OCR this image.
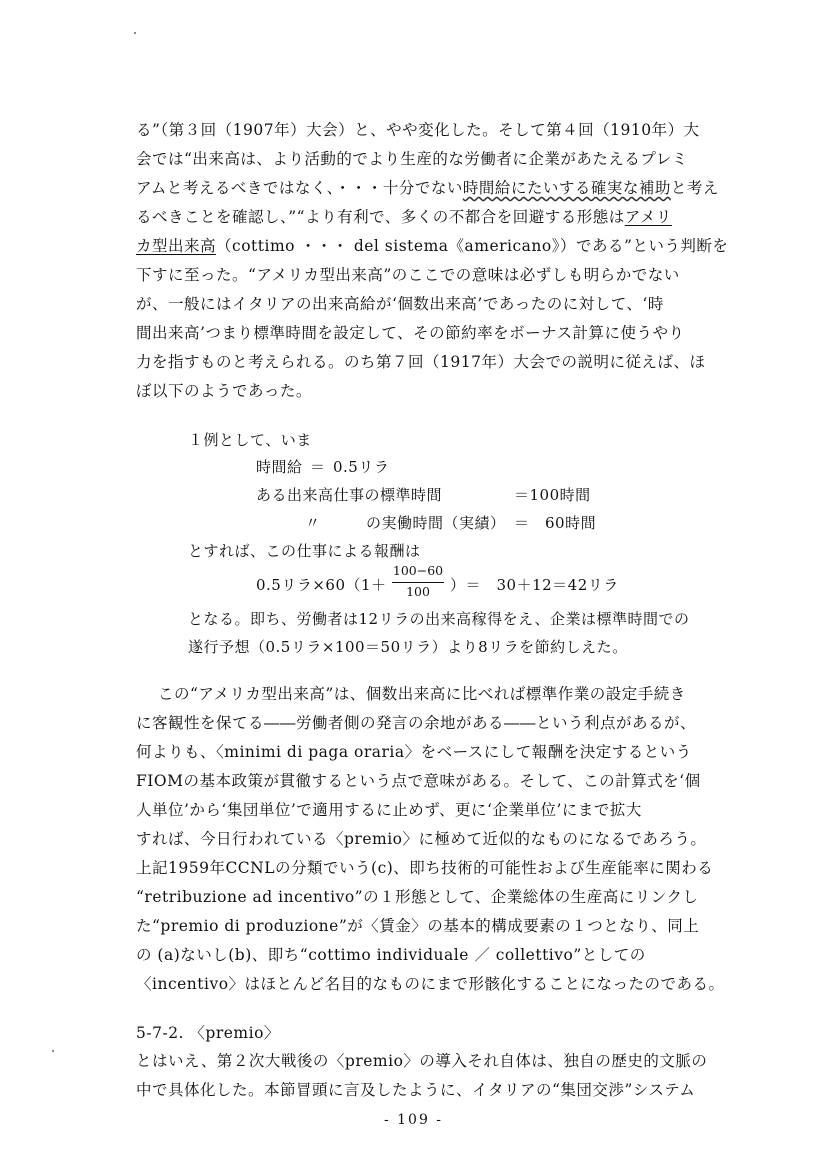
る”（第３回（1907年）大会）と、やや変化した。そして第４回（1910年）大
会では“出来高は、より活動的でより生産的な労働者に企業があたえるプレミ
アムと考えるべきではなく、・・・十分でない時間給にたいする確実な補助と考え
るべきことを確認し、”“より有利で、多くの不都合を回避する形態はアメリ
カ型出来高（cottimo ・・・ del sistema《americano》）である”という判断を
下すに至った。“アメリカ型出来高”のここでの意味は必ずしも明らかでない
が、一般にはイタリアの出来高給が‘個数出来高’であったのに対して、‘時
間出来高’つまり標準時間を設定して、その節約率をボーナス計算に使うやり
力を指すものと考えられる。のち第７回（1917年）大会での説明に従えば、ほ
ぼ以下のようであった。
１例として、いま
時間給 ＝ 0.5リラ
ある出来高仕事の標準時間	＝100時間
〃	の実働時間（実績） ＝　60時間
とすれば、この仕事による報酬は
0.5リラ×60（1＋
100−60
100	）＝　30＋12＝42リラ
となる。即ち、労働者は12リラの出来高稼得をえ、企業は標準時間での
遂行予想（0.5リラ×100＝50リラ）より8リラを節約しえた。
この“アメリカ型出来高”は、個数出来高に比べれば標準作業の設定手続き
に客観性を保てる――労働者側の発言の余地がある――という利点があるが、
何よりも、〈minimi di paga oraria〉をベースにして報酬を決定するという
FIOMの基本政策が貫徹するという点で意味がある。そして、この計算式を‘個
人単位’から‘集団単位’で適用するに止めず、更に‘企業単位’にまで拡大
すれば、今日行われている〈premio〉に極めて近似的なものになるであろう。
上記1959年CCNLの分類でいう(c)、即ち技術的可能性および生産能率に関わる
“retribuzione ad incentivo”の１形態として、企業総体の生産高にリンクし
た“premio di produzione”が〈賃金〉の基本的構成要素の１つとなり、同上
の (a)ないし(b)、即ち“cottimo individuale ／ collettivo”としての
〈incentivo〉はほとんど名目的なものにまで形骸化することになったのである。
5-7-2. 〈premio〉
とはいえ、第２次大戦後の〈premio〉の導入それ自体は、独自の歴史的文脈の
中で具体化した。本節冒頭に言及したように、イタリアの“集団交渉”システム
- 109 -
